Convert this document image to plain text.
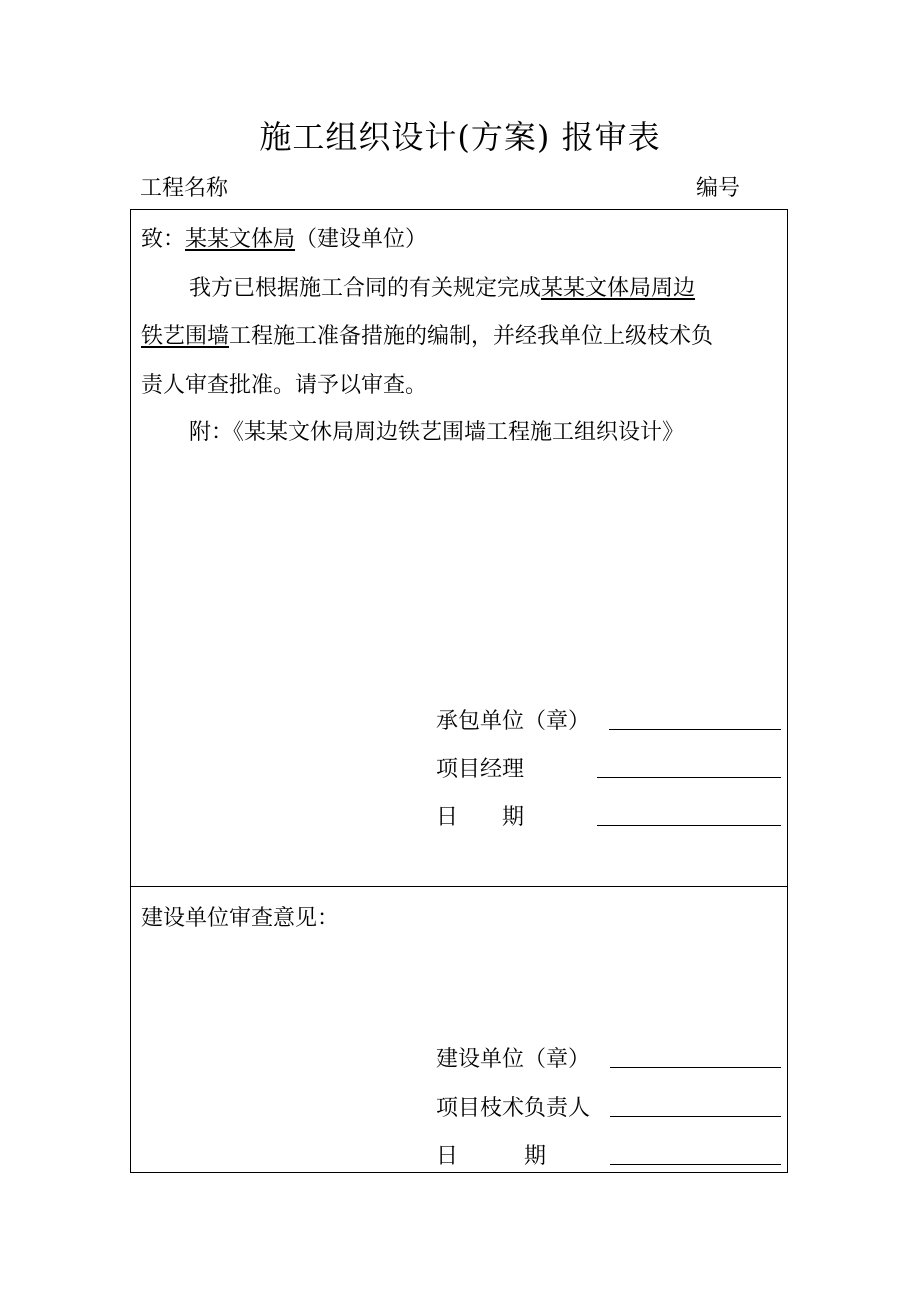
施工组织设计(方案) 报审表
工程名称	编号
致：某某文体局（建设单位）
我方已根据施工合同的有关规定完成某某文体局周边
铁艺围墙工程施工准备措施的编制，并经我单位上级枝术负
责人审查批准。请予以审查。
附：《某某文休局周边铁艺围墙工程施工组织设计》
承包单位（章）
项目经理
日　　期
建设单位审查意见：
建设单位（章）
项目枝术负责人
日　　　期
